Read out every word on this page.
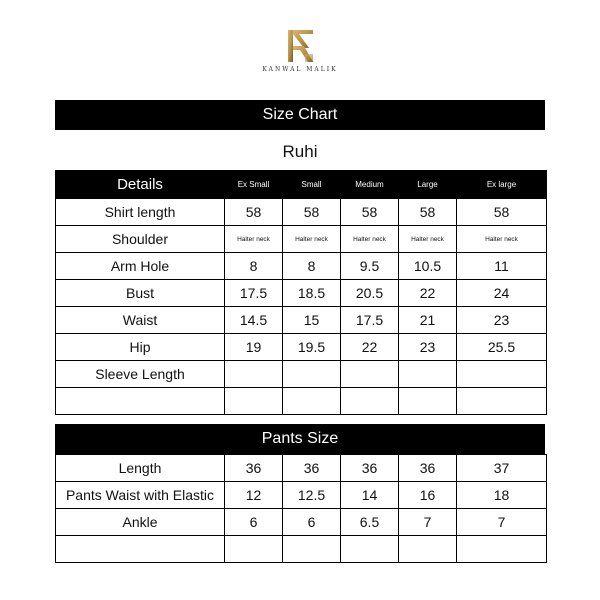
KANWAL MALIK
Size Chart
Ruhi
Details	Ex Small	Small	Medium	Large	Ex large
Shirt length	58	58	58	58	58
Shoulder	Halter neck	Halter neck	Halter neck	Halter neck	Halter neck
Arm Hole	8	8	9.5	10.5	11
Bust	17.5	18.5	20.5	22	24
Waist	14.5	15	17.5	21	23
Hip	19	19.5	22	23	25.5
Sleeve Length					

Pants Size
Length	36	36	36	36	37
Pants Waist with Elastic	12	12.5	14	16	18
Ankle	6	6	6.5	7	7
